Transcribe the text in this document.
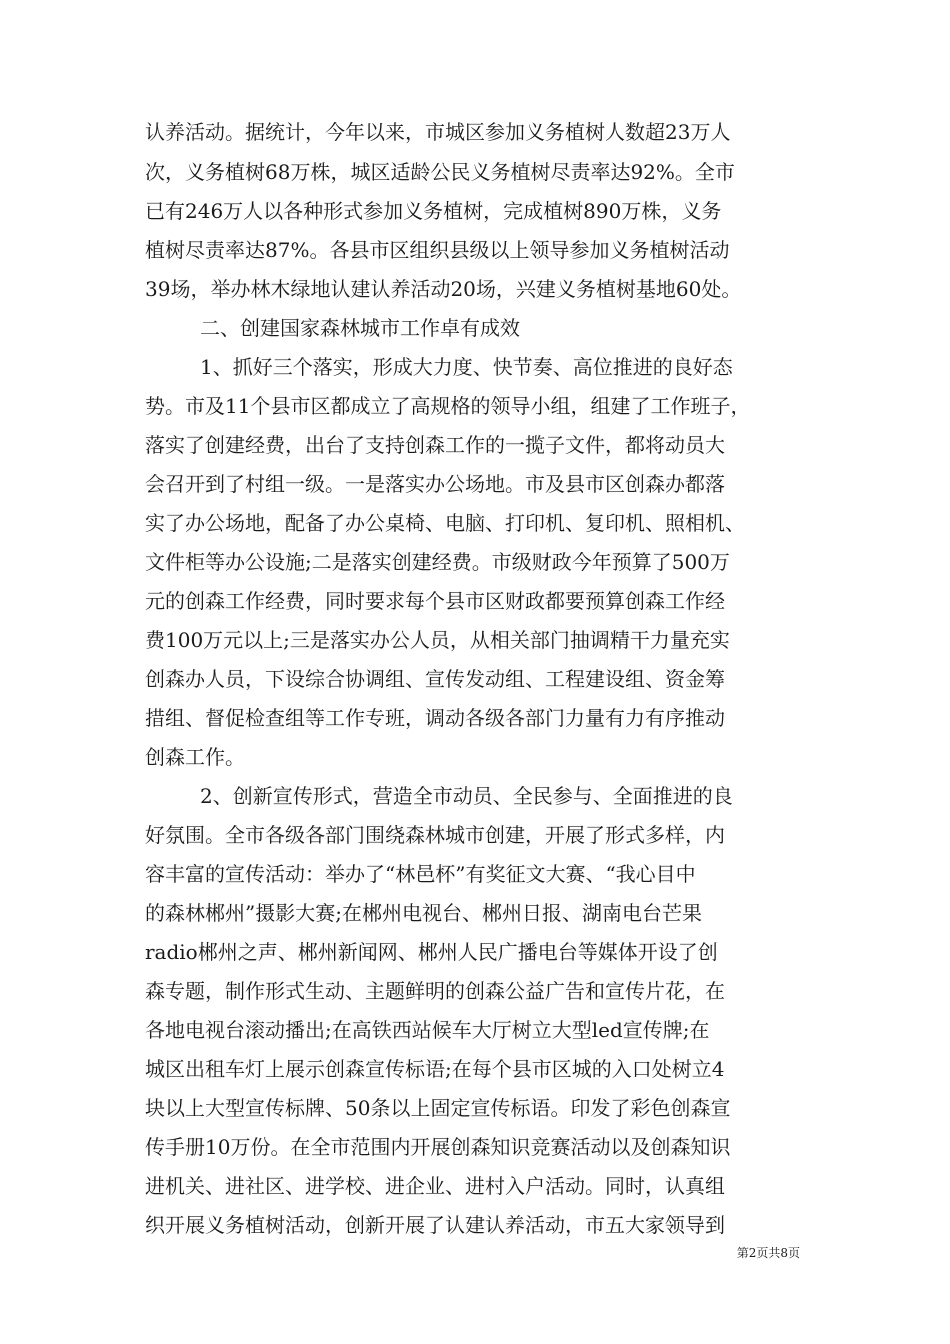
认养活动。据统计，今年以来，市城区参加义务植树人数超23万人
次，义务植树68万株，城区适龄公民义务植树尽责率达92%。全市
已有246万人以各种形式参加义务植树，完成植树890万株，义务
植树尽责率达87%。各县市区组织县级以上领导参加义务植树活动
39场，举办林木绿地认建认养活动20场，兴建义务植树基地60处。
二、创建国家森林城市工作卓有成效
1、抓好三个落实，形成大力度、快节奏、高位推进的良好态
势。市及11个县市区都成立了高规格的领导小组，组建了工作班子，
落实了创建经费，出台了支持创森工作的一揽子文件，都将动员大
会召开到了村组一级。一是落实办公场地。市及县市区创森办都落
实了办公场地，配备了办公桌椅、电脑、打印机、复印机、照相机、
文件柜等办公设施;二是落实创建经费。市级财政今年预算了500万
元的创森工作经费，同时要求每个县市区财政都要预算创森工作经
费100万元以上;三是落实办公人员，从相关部门抽调精干力量充实
创森办人员，下设综合协调组、宣传发动组、工程建设组、资金筹
措组、督促检查组等工作专班，调动各级各部门力量有力有序推动
创森工作。
2、创新宣传形式，营造全市动员、全民参与、全面推进的良
好氛围。全市各级各部门围绕森林城市创建，开展了形式多样，内
容丰富的宣传活动：举办了“林邑杯”有奖征文大赛、“我心目中
的森林郴州”摄影大赛;在郴州电视台、郴州日报、湖南电台芒果
radio郴州之声、郴州新闻网、郴州人民广播电台等媒体开设了创
森专题，制作形式生动、主题鲜明的创森公益广告和宣传片花，在
各地电视台滚动播出;在高铁西站候车大厅树立大型led宣传牌;在
城区出租车灯上展示创森宣传标语;在每个县市区城的入口处树立4
块以上大型宣传标牌、50条以上固定宣传标语。印发了彩色创森宣
传手册10万份。在全市范围内开展创森知识竞赛活动以及创森知识
进机关、进社区、进学校、进企业、进村入户活动。同时，认真组
织开展义务植树活动，创新开展了认建认养活动，市五大家领导到
第2页共8页
